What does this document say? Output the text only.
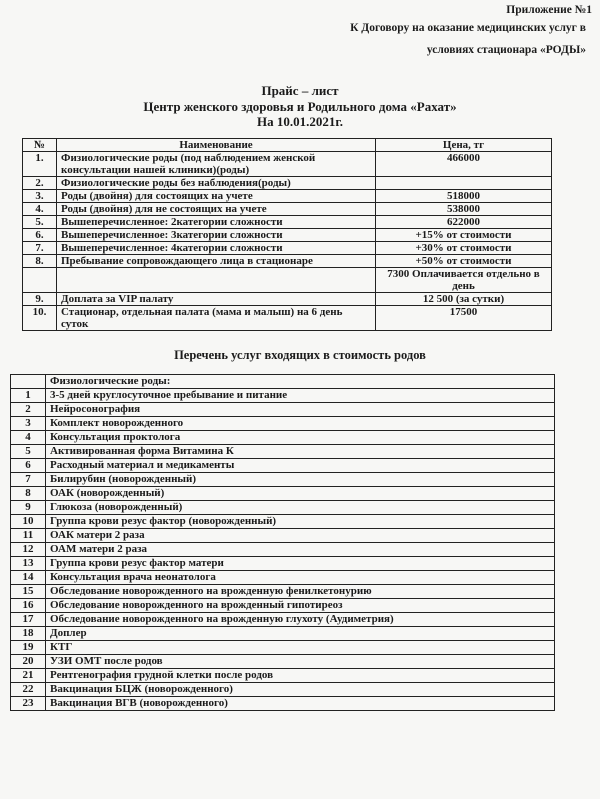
Приложение №1
К Договору на оказание медицинских услуг в
условиях стационара «РОДЫ»
Прайс – лист
Центр женского здоровья и Родильного дома «Рахат»
На 10.01.2021г.
№	Наименование	Цена, тг
1.	Физиологические роды (под наблюдением женской консультации нашей клиники)(роды)	466000
2.	Физиологические роды без наблюдения(роды)	
3.	Роды (двойня) для состоящих на учете	518000
4.	Роды (двойня) для не состоящих на учете	538000
5.	Вышеперечисленное: 2категории сложности	622000
6.	Вышеперечисленное: 3категории сложности	+15% от стоимости
7.	Вышеперечисленное: 4категории сложности	+30% от стоимости
8.	Пребывание сопровождающего лица в стационаре	+50% от стоимости
		7300 Оплачивается отдельно в день
9.	Доплата за VIP палату	12 500 (за сутки)
10.	Стационар, отдельная палата (мама и малыш) на 6 день суток	17500
Перечень услуг входящих в стоимость родов
	Физиологические роды:
1	3-5 дней круглосуточное пребывание и питание
2	Нейросонография
3	Комплект новорожденного
4	Консультация проктолога
5	Активированная форма Витамина К
6	Расходный материал и медикаменты
7	Билирубин (новорожденный)
8	ОАК (новорожденный)
9	Глюкоза (новорожденный)
10	Группа крови резус фактор (новорожденный)
11	ОАК матери 2 раза
12	ОАМ матери 2 раза
13	Группа крови резус фактор матери
14	Консультация врача неонатолога
15	Обследование новорожденного на врожденную фенилкетонурию
16	Обследование новорожденного на врожденный гипотиреоз
17	Обследование новорожденного на врожденную глухоту (Аудиметрия)
18	Доплер
19	КТГ
20	УЗИ ОМТ после родов
21	Рентгенография грудной клетки после родов
22	Вакцинация БЦЖ (новорожденного)
23	Вакцинация ВГВ (новорожденного)
